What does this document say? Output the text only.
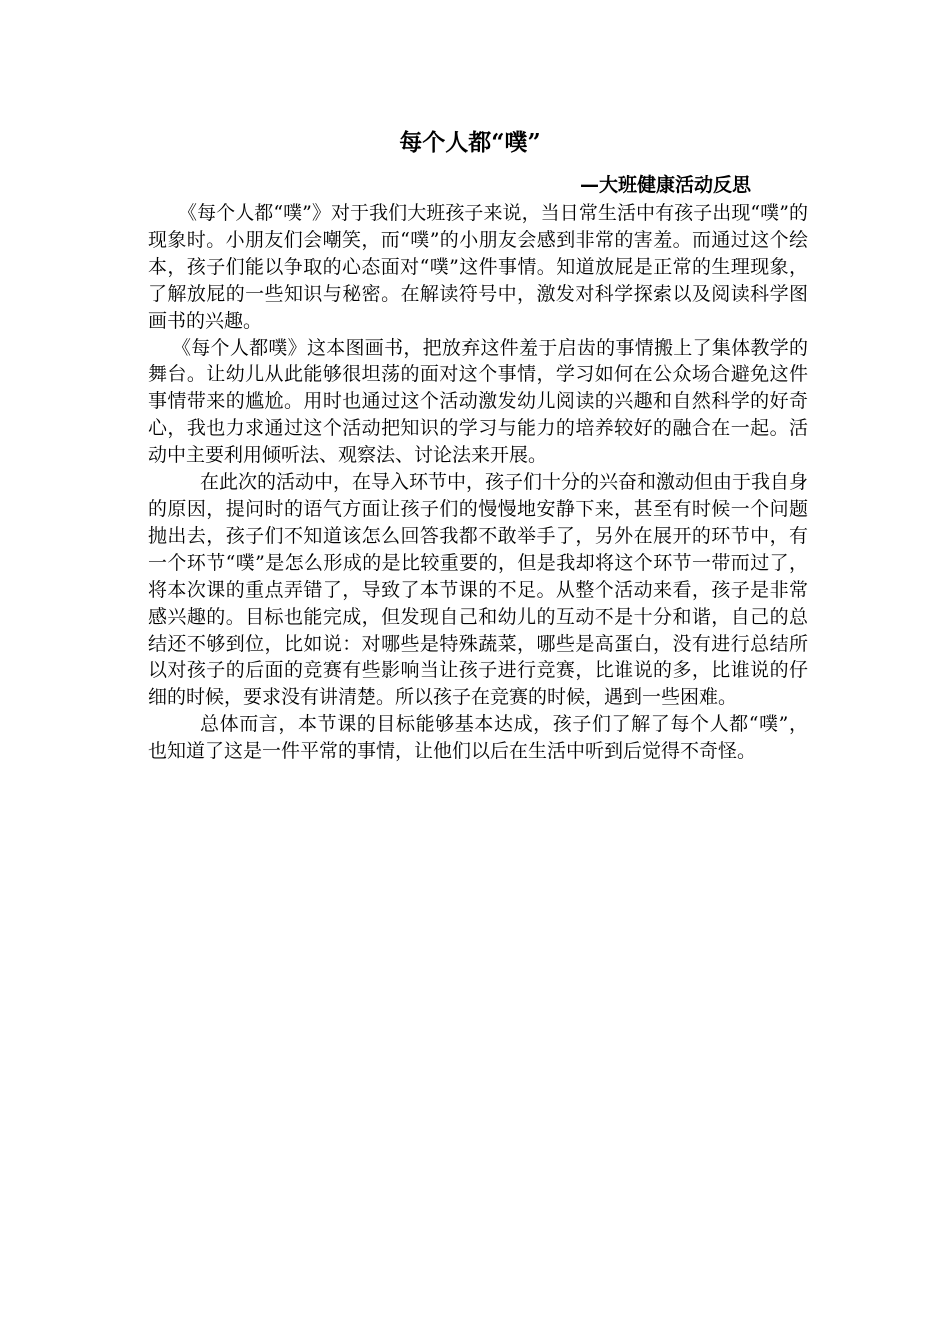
每个人都“噗”
—大班健康活动反思

《每个人都“噗”》对于我们大班孩子来说，当日常生活中有孩子出现“噗”的现象时。小朋友们会嘲笑，而“噗”的小朋友会感到非常的害羞。而通过这个绘本，孩子们能以争取的心态面对“噗”这件事情。知道放屁是正常的生理现象，了解放屁的一些知识与秘密。在解读符号中，激发对科学探索以及阅读科学图画书的兴趣。

《每个人都噗》这本图画书，把放弃这件羞于启齿的事情搬上了集体教学的舞台。让幼儿从此能够很坦荡的面对这个事情，学习如何在公众场合避免这件事情带来的尴尬。用时也通过这个活动激发幼儿阅读的兴趣和自然科学的好奇心，我也力求通过这个活动把知识的学习与能力的培养较好的融合在一起。活动中主要利用倾听法、观察法、讨论法来开展。

在此次的活动中，在导入环节中，孩子们十分的兴奋和激动但由于我自身的原因，提问时的语气方面让孩子们的慢慢地安静下来，甚至有时候一个问题抛出去，孩子们不知道该怎么回答我都不敢举手了，另外在展开的环节中，有一个环节“噗”是怎么形成的是比较重要的，但是我却将这个环节一带而过了，将本次课的重点弄错了，导致了本节课的不足。从整个活动来看，孩子是非常感兴趣的。目标也能完成，但发现自己和幼儿的互动不是十分和谐，自己的总结还不够到位，比如说：对哪些是特殊蔬菜，哪些是高蛋白，没有进行总结所以对孩子的后面的竞赛有些影响当让孩子进行竞赛，比谁说的多，比谁说的仔细的时候，要求没有讲清楚。所以孩子在竞赛的时候，遇到一些困难。

总体而言，本节课的目标能够基本达成，孩子们了解了每个人都“噗”，也知道了这是一件平常的事情，让他们以后在生活中听到后觉得不奇怪。
